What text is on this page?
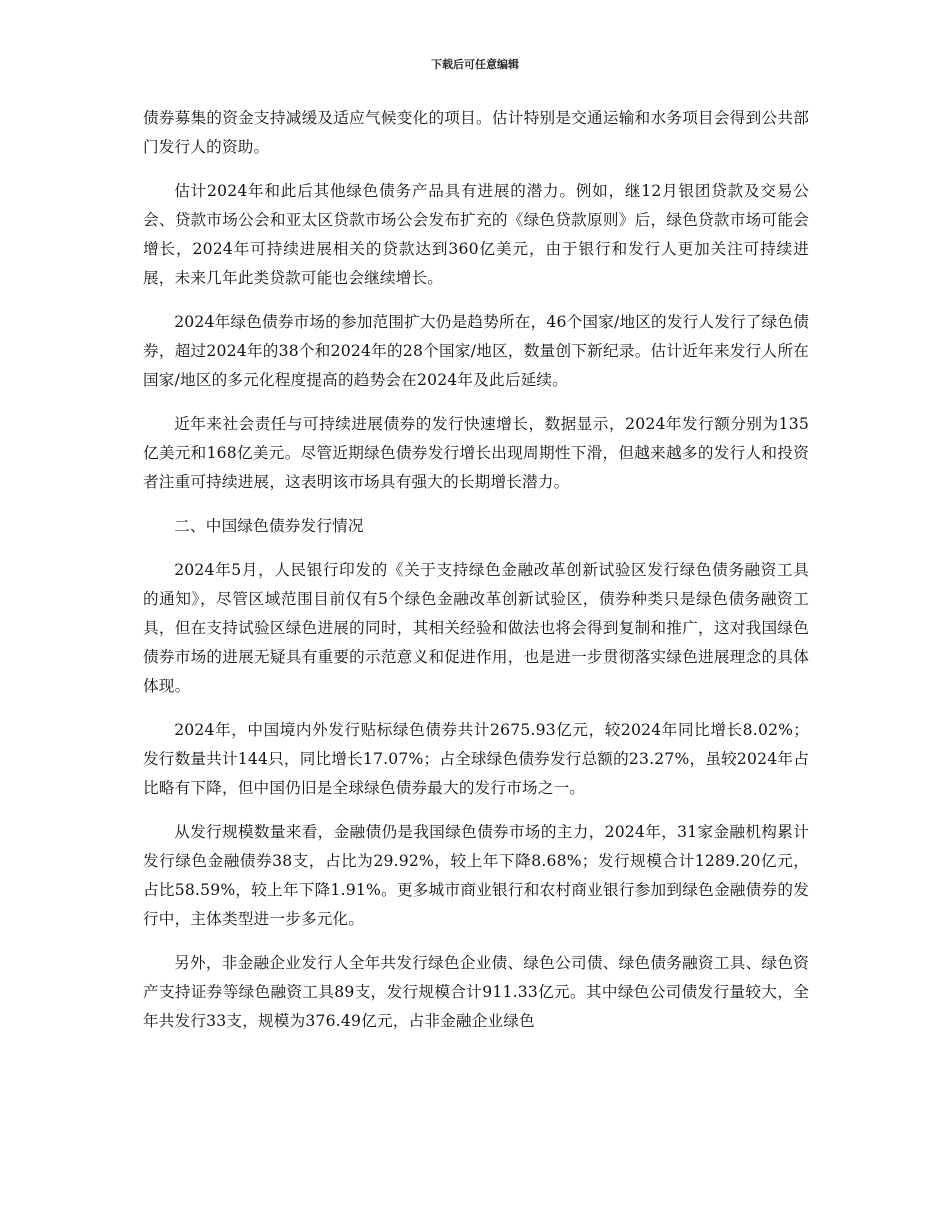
下载后可任意编辑

债券募集的资金支持减缓及适应气候变化的项目。估计特别是交通运输和水务项目会得到公共部门发行人的资助。

估计2024年和此后其他绿色债务产品具有进展的潜力。例如，继12月银团贷款及交易公会、贷款市场公会和亚太区贷款市场公会发布扩充的《绿色贷款原则》后，绿色贷款市场可能会增长，2024年可持续进展相关的贷款达到360亿美元，由于银行和发行人更加关注可持续进展，未来几年此类贷款可能也会继续增长。

2024年绿色债券市场的参加范围扩大仍是趋势所在，46个国家/地区的发行人发行了绿色债券，超过2024年的38个和2024年的28个国家/地区，数量创下新纪录。估计近年来发行人所在国家/地区的多元化程度提高的趋势会在2024年及此后延续。

近年来社会责任与可持续进展债券的发行快速增长，数据显示，2024年发行额分别为135亿美元和168亿美元。尽管近期绿色债券发行增长出现周期性下滑，但越来越多的发行人和投资者注重可持续进展，这表明该市场具有强大的长期增长潜力。

二、中国绿色债券发行情况

2024年5月，人民银行印发的《关于支持绿色金融改革创新试验区发行绿色债务融资工具的通知》，尽管区域范围目前仅有5个绿色金融改革创新试验区，债券种类只是绿色债务融资工具，但在支持试验区绿色进展的同时，其相关经验和做法也将会得到复制和推广，这对我国绿色债券市场的进展无疑具有重要的示范意义和促进作用，也是进一步贯彻落实绿色进展理念的具体体现。

2024年，中国境内外发行贴标绿色债券共计2675.93亿元，较2024年同比增长8.02%；发行数量共计144只，同比增长17.07%；占全球绿色债券发行总额的23.27%，虽较2024年占比略有下降，但中国仍旧是全球绿色债券最大的发行市场之一。

从发行规模数量来看，金融债仍是我国绿色债券市场的主力，2024年，31家金融机构累计发行绿色金融债券38支，占比为29.92%，较上年下降8.68%；发行规模合计1289.20亿元，占比58.59%，较上年下降1.91%。更多城市商业银行和农村商业银行参加到绿色金融债券的发行中，主体类型进一步多元化。

另外，非金融企业发行人全年共发行绿色企业债、绿色公司债、绿色债务融资工具、绿色资产支持证券等绿色融资工具89支，发行规模合计911.33亿元。其中绿色公司债发行量较大，全年共发行33支，规模为376.49亿元，占非金融企业绿色
